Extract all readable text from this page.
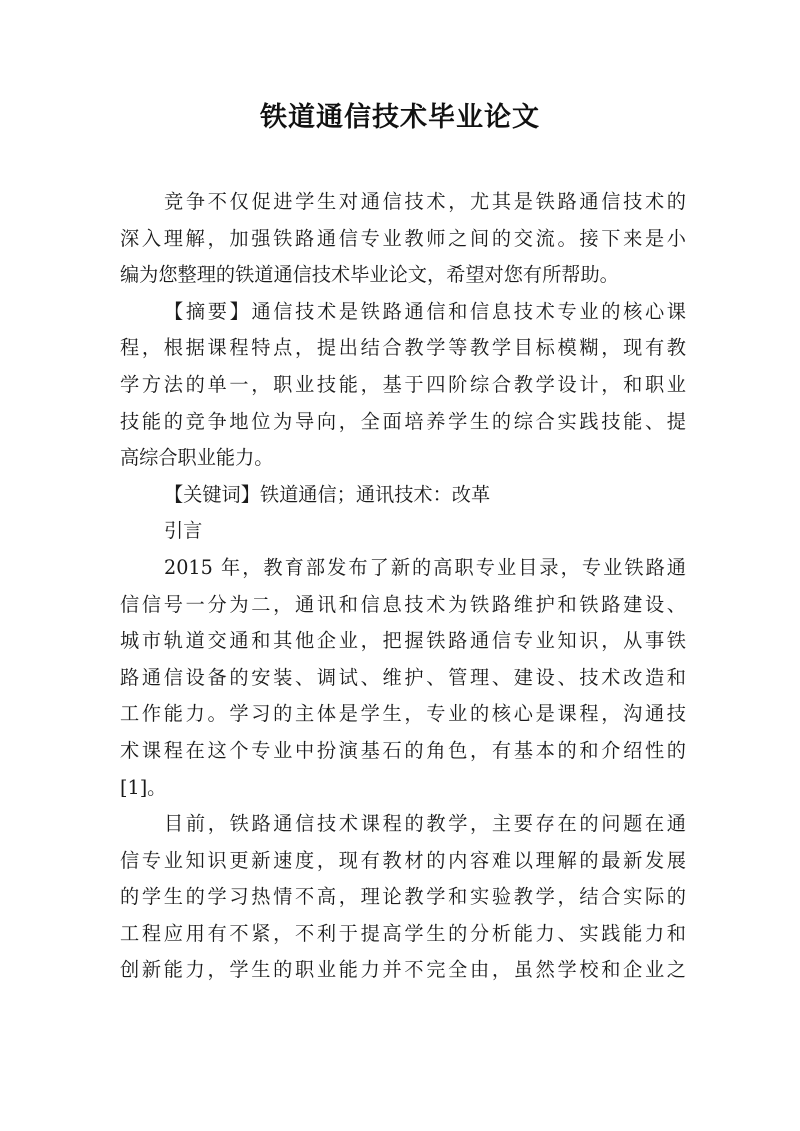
铁道通信技术毕业论文
竞争不仅促进学生对通信技术，尤其是铁路通信技术的
深入理解，加强铁路通信专业教师之间的交流。接下来是小
编为您整理的铁道通信技术毕业论文，希望对您有所帮助。
【摘要】通信技术是铁路通信和信息技术专业的核心课
程，根据课程特点，提出结合教学等教学目标模糊，现有教
学方法的单一，职业技能，基于四阶综合教学设计，和职业
技能的竞争地位为导向，全面培养学生的综合实践技能、提
高综合职业能力。
【关键词】铁道通信；通讯技术：改革
引言
2015 年，教育部发布了新的高职专业目录，专业铁路通
信信号一分为二，通讯和信息技术为铁路维护和铁路建设、
城市轨道交通和其他企业，把握铁路通信专业知识，从事铁
路通信设备的安装、调试、维护、管理、建设、技术改造和
工作能力。学习的主体是学生，专业的核心是课程，沟通技
术课程在这个专业中扮演基石的角色，有基本的和介绍性的
[1]。
目前，铁路通信技术课程的教学，主要存在的问题在通
信专业知识更新速度，现有教材的内容难以理解的最新发展
的学生的学习热情不高，理论教学和实验教学，结合实际的
工程应用有不紧，不利于提高学生的分析能力、实践能力和
创新能力，学生的职业能力并不完全由，虽然学校和企业之
